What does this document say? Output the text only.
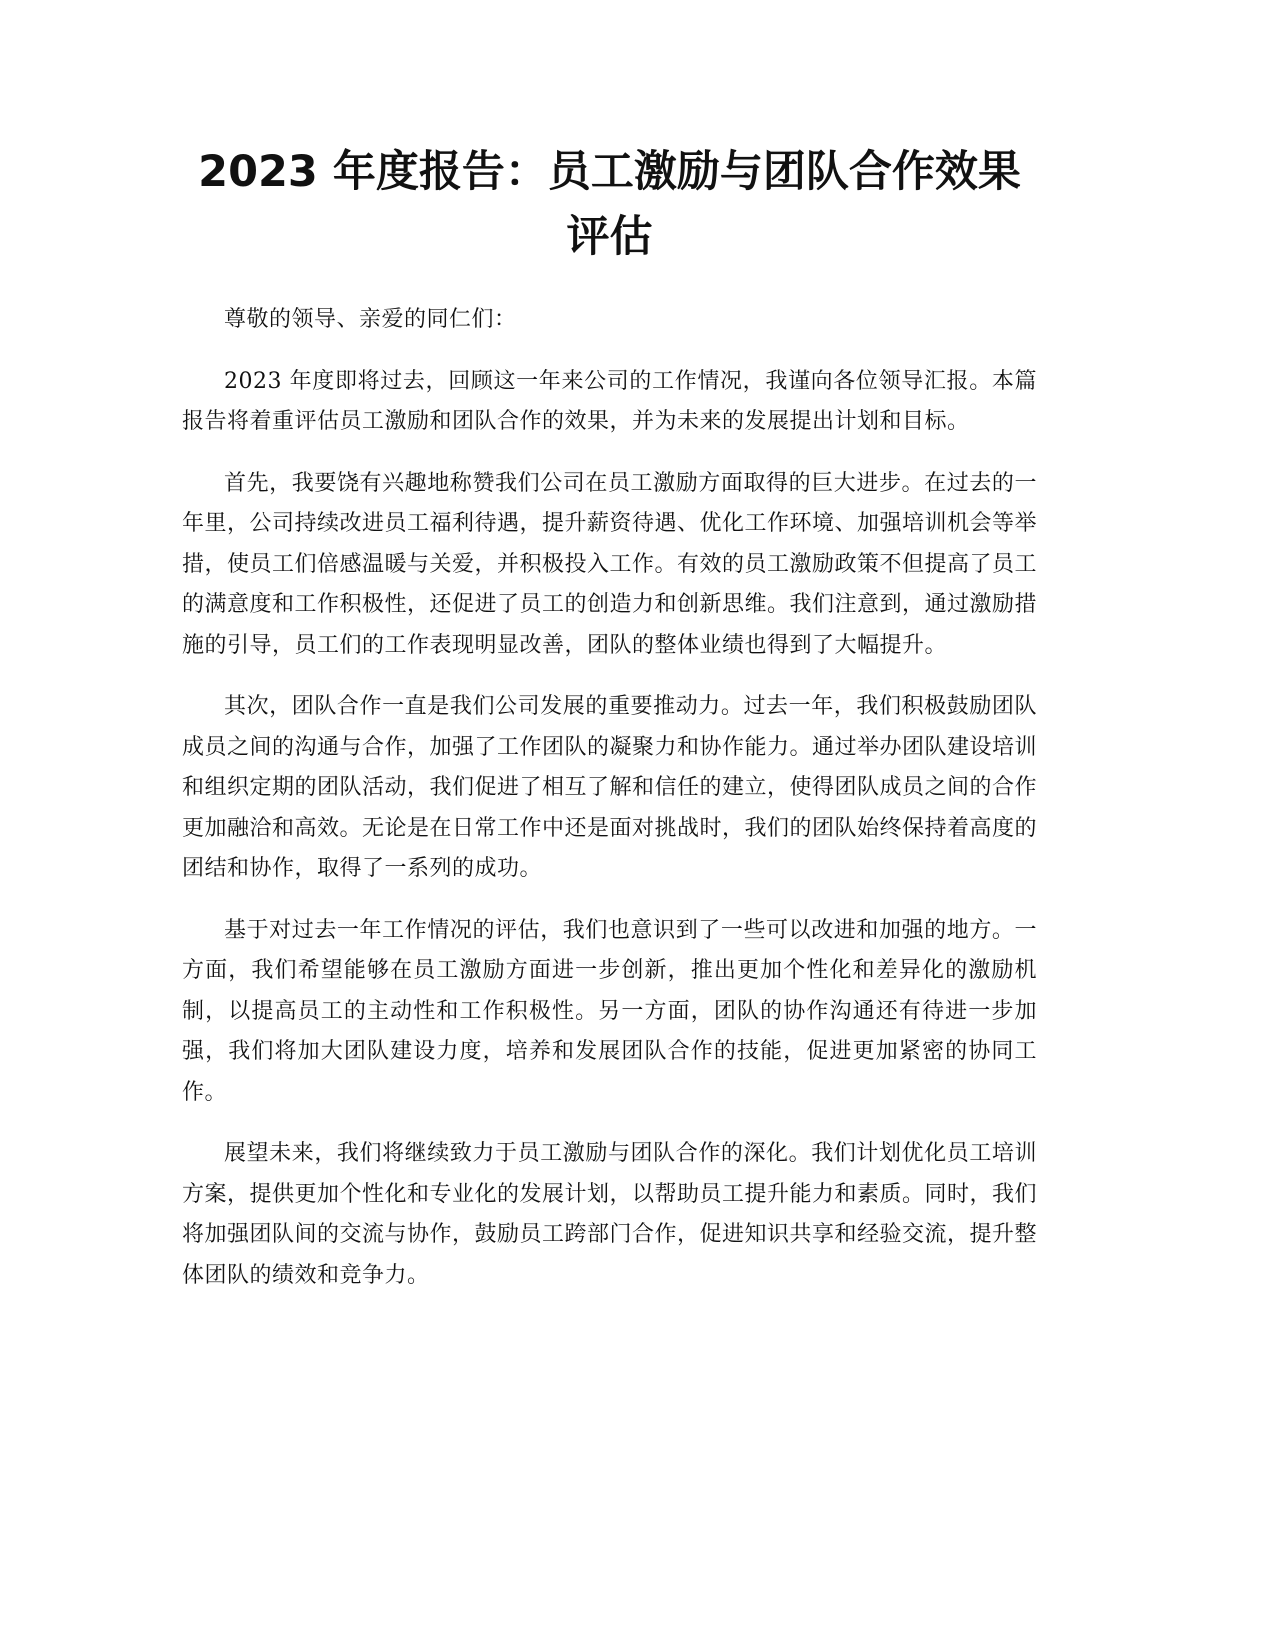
2023 年度报告：员工激励与团队合作效果评估

尊敬的领导、亲爱的同仁们：

2023 年度即将过去，回顾这一年来公司的工作情况，我谨向各位领导汇报。本篇报告将着重评估员工激励和团队合作的效果，并为未来的发展提出计划和目标。

首先，我要饶有兴趣地称赞我们公司在员工激励方面取得的巨大进步。在过去的一年里，公司持续改进员工福利待遇，提升薪资待遇、优化工作环境、加强培训机会等举措，使员工们倍感温暖与关爱，并积极投入工作。有效的员工激励政策不但提高了员工的满意度和工作积极性，还促进了员工的创造力和创新思维。我们注意到，通过激励措施的引导，员工们的工作表现明显改善，团队的整体业绩也得到了大幅提升。

其次，团队合作一直是我们公司发展的重要推动力。过去一年，我们积极鼓励团队成员之间的沟通与合作，加强了工作团队的凝聚力和协作能力。通过举办团队建设培训和组织定期的团队活动，我们促进了相互了解和信任的建立，使得团队成员之间的合作更加融洽和高效。无论是在日常工作中还是面对挑战时，我们的团队始终保持着高度的团结和协作，取得了一系列的成功。

基于对过去一年工作情况的评估，我们也意识到了一些可以改进和加强的地方。一方面，我们希望能够在员工激励方面进一步创新，推出更加个性化和差异化的激励机制，以提高员工的主动性和工作积极性。另一方面，团队的协作沟通还有待进一步加强，我们将加大团队建设力度，培养和发展团队合作的技能，促进更加紧密的协同工作。

展望未来，我们将继续致力于员工激励与团队合作的深化。我们计划优化员工培训方案，提供更加个性化和专业化的发展计划，以帮助员工提升能力和素质。同时，我们将加强团队间的交流与协作，鼓励员工跨部门合作，促进知识共享和经验交流，提升整体团队的绩效和竞争力。
